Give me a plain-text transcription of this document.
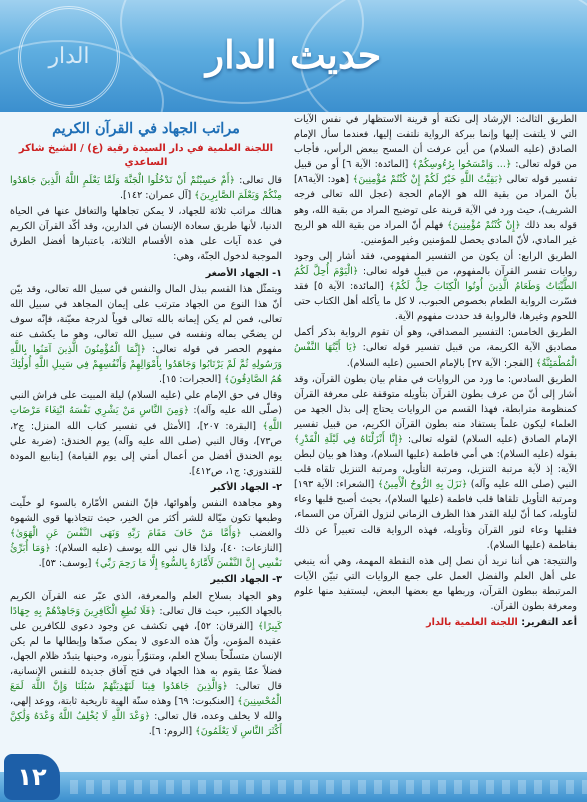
الدار	حديث الدار

الطريق الثالث: الإرشاد إلى نكتة أو قرينة الاستظهار في نفس الآيات التي لا يلتفت إليها وإنما ببركة الرواية نلتفت إليها، فعندما سأل الإمام الصادق (عليه السلام) من أين عرفت أن المسح ببعض الرأس، فأجاب من قوله تعالى: ﴿... وَامْسَحُوا بِرُءُوسِكُمْ﴾ [المائدة: الآية ٦] أو من قبيل تفسير قوله تعالى ﴿بَقِيَّتُ اللَّهِ خَيْرٌ لَكُمْ إِنْ كُنْتُمْ مُؤْمِنِينَ﴾ [هود: الآية٨٦] بأنّ المراد من بقية الله هو الإمام الحجة (عجل الله تعالى فرجه الشريف)، حيث ورد في الآية قرينة على توضيح المراد من بقية الله، وهو قوله بعد ذلك ﴿إِنْ كُنْتُمْ مُؤْمِنِينَ﴾ فهلم أنّ المراد من بقية الله هو الربح غير المادي، لأنّ المادي يحصل للمؤمنين وغير المؤمنين.

الطريق الرابع: أن يكون من التفسير المفهومي، فقد أشار إلى وجود روايات تفسر القرآن بالمفهوم، من قبيل قوله تعالى: ﴿الْيَوْمَ أُحِلَّ لَكُمُ الطَّيِّبَاتُ وَطَعَامُ الَّذِينَ أُوتُوا الْكِتَابَ حِلٌّ لَكُمْ﴾ [المائدة: الآية ٥] فقد فسّرت الرواية الطعام بخصوص الحبوب، لا كل ما يأكله أهل الكتاب حتى اللحوم وغيرها، فالرواية قد حددت مفهوم الآية.

الطريق الخامس: التفسير المصداقي، وهو أن تقوم الرواية بذكر أكمل مصاديق الآية الكريمة، من قبيل تفسير قوله تعالى: ﴿يَا أَيَّتُهَا النَّفْسُ الْمُطْمَئِنَّةُ﴾ [الفجر: الآية ٢٧] بالإمام الحسين (عليه السلام).

الطريق السادس: ما ورد من الروايات في مقام بيان بطون القرآن، وقد أشار إلى أنّ من عرف بطون القرآن بتأويله متوقفة على معرفة القرآن كمنظومة مترابطة، فهذا القسم من الروايات يحتاج إلى بذل الجهد من العلماء ليكون علماً يستفاد منه بطون القرآن الكريم، من قبيل تفسير الإمام الصادق (عليه السلام) لقوله تعالى: ﴿إِنَّا أَنْزَلْنَاهُ فِي لَيْلَةِ الْقَدْرِ﴾ بقوله (عليه السلام): هي أمي فاطمة (عليها السلام)، وهذا هو بيان لبطن الآية: إذ لآية مرتبة التنزيل، ومرتبة التأويل، ومرتبة التنزيل تلقاه قلب النبي (صلى الله عليه وآله) ﴿نَزَلَ بِهِ الرُّوحُ الْأَمِينُ﴾ [الشعراء: الآية ١٩٣] ومرتبة التأويل تلقاها قلب فاطمة (عليها السلام)، بحيث أصبح قلبها وعاء لتأويله، كما أنّ ليلة القدر هذا الظرف الزماني لنزول القرآن من السماء، فقلبها وعاء لنور القرآن وتأويله، فهذه الرواية قالت تعبيراً عن ذلك بفاطمة (عليها السلام).

والنتيجة: هي أننا نريد أن نصل إلى هذه النقطة المهمة، وهي أنه ينبغي على أهل العلم والفضل العمل على جمع الروايات التي تبيّن الآيات المرتبطة ببطون القرآن، وربطها مع بعضها البعض، ليستفيد منها علوم ومعرفة بطون القرآن.

أعد التقرير: اللجنة العلمية بالدار

مراتب الجهاد في القرآن الكريم
اللجنة العلمية في دار السيدة رقية (ع) / الشيخ شاكر الساعدي

قال تعالى: ﴿أَمْ حَسِبْتُمْ أَنْ تَدْخُلُوا الْجَنَّةَ وَلَمَّا يَعْلَمِ اللَّهُ الَّذِينَ جَاهَدُوا مِنْكُمْ وَيَعْلَمَ الصَّابِرِينَ﴾ [آل عمران: ١٤٢].

هنالك مراتب ثلاثة للجهاد، لا يمكن تجاهلها والتغافل عنها في الحياة الدنيا، لأنها طريق سعادة الإنسان في الدارين، وقد أكّد القرآن الكريم في عدة آيات على هذه الأقسام الثلاثة، باعتبارها أفضل الطرق الموجبة لدخول الجنّة، وهي:

١- الجهاد الأصغر

ويتمثّل هذا القسم ببذل المال والنفس في سبيل الله تعالى، وقد بيّن أنّ هذا النوع من الجهاد مترتب على إيمان المجاهد في سبيل الله تعالى، فمن لم يكن إيمانه بالله تعالى قوياً لدرجة معيّنة، فإنّه سوف لن يضحّي بماله ونفسه في سبيل الله تعالى، وهو ما يكشف عنه مفهوم الحصر في قوله تعالى: ﴿إِنَّمَا الْمُؤْمِنُونَ الَّذِينَ آمَنُوا بِاللَّهِ وَرَسُولِهِ ثُمَّ لَمْ يَرْتَابُوا وَجَاهَدُوا بِأَمْوَالِهِمْ وَأَنْفُسِهِمْ فِي سَبِيلِ اللَّهِ أُولَٰئِكَ هُمُ الصَّادِقُونَ﴾ [الحجرات: ١٥].

وقال في حق الإمام علي (عليه السلام) ليلة المبيت على فراش النبي (صلّى الله عليه وآله): ﴿وَمِنَ النَّاسِ مَنْ يَشْرِي نَفْسَهُ ابْتِغَاءَ مَرْضَاتِ اللَّهِ﴾ [البقرة: ٢٠٧]، [الأمثل في تفسير كتاب الله المنزل: ج٢، ص٧٣]، وقال النبي (صلى الله عليه وآله) يوم الخندق: (ضربة علي يوم الخندق أفضل من أعمال أمتي إلى يوم القيامة) [ينابيع المودة للقندوزي: ج١، ص٤١٢].

٢- الجهاد الأكبر

وهو مجاهدة النفس وأهوائها، فإنّ النفس الأمّارة بالسوء لو خلّيت وطبعها تكون ميّالة للشر أكثر من الخير، حيث تتجاذبها قوى الشهوة والغضب ﴿وَأَمَّا مَنْ خَافَ مَقَامَ رَبِّهِ وَنَهَى النَّفْسَ عَنِ الْهَوَىٰ﴾ [النازعات: ٤٠]، ولذا قال نبي الله يوسف (عليه السلام): ﴿وَمَا أُبَرِّئُ نَفْسِي إِنَّ النَّفْسَ لَأَمَّارَةٌ بِالسُّوءِ إِلَّا مَا رَحِمَ رَبِّي﴾ [يوسف: ٥٣].

٣- الجهاد الكبير

وهو الجهاد بسلاح العلم والمعرفة، الذي عبّر عنه القرآن الكريم بالجهاد الكبير، حيث قال تعالى: ﴿فَلَا تُطِعِ الْكَافِرِينَ وَجَاهِدْهُمْ بِهِ جِهَادًا كَبِيرًا﴾ [الفرقان: ٥٢]، فهي تكشف عن وجود دعوى للكافرين على عقيدة المؤمن، وأنّ هذه الدعوى لا يمكن صدّها وإبطالها ما لم يكن الإنسان متسلّحاً بسلاح العلم، ومتنوّراً بنوره، وحينها يتبدّد ظلام الجهل، فضلاً عمّا يقوم به هذا الجهاد في فتح آفاق جديدة للنفس الإنسانية، قال تعالى: ﴿وَالَّذِينَ جَاهَدُوا فِينَا لَنَهْدِيَنَّهُمْ سُبُلَنَا وَإِنَّ اللَّهَ لَمَعَ الْمُحْسِنِينَ﴾ [العنكبوت: ٦٩] وهذه سنّة الهية تاريخية ثابتة، ووعد إلهي، والله لا يخلف وعده، قال تعالى: ﴿وَعْدَ اللَّهِ لَا يُخْلِفُ اللَّهُ وَعْدَهُ وَلَٰكِنَّ أَكْثَرَ النَّاسِ لَا يَعْلَمُونَ﴾ [الروم: ٦].

١٢
